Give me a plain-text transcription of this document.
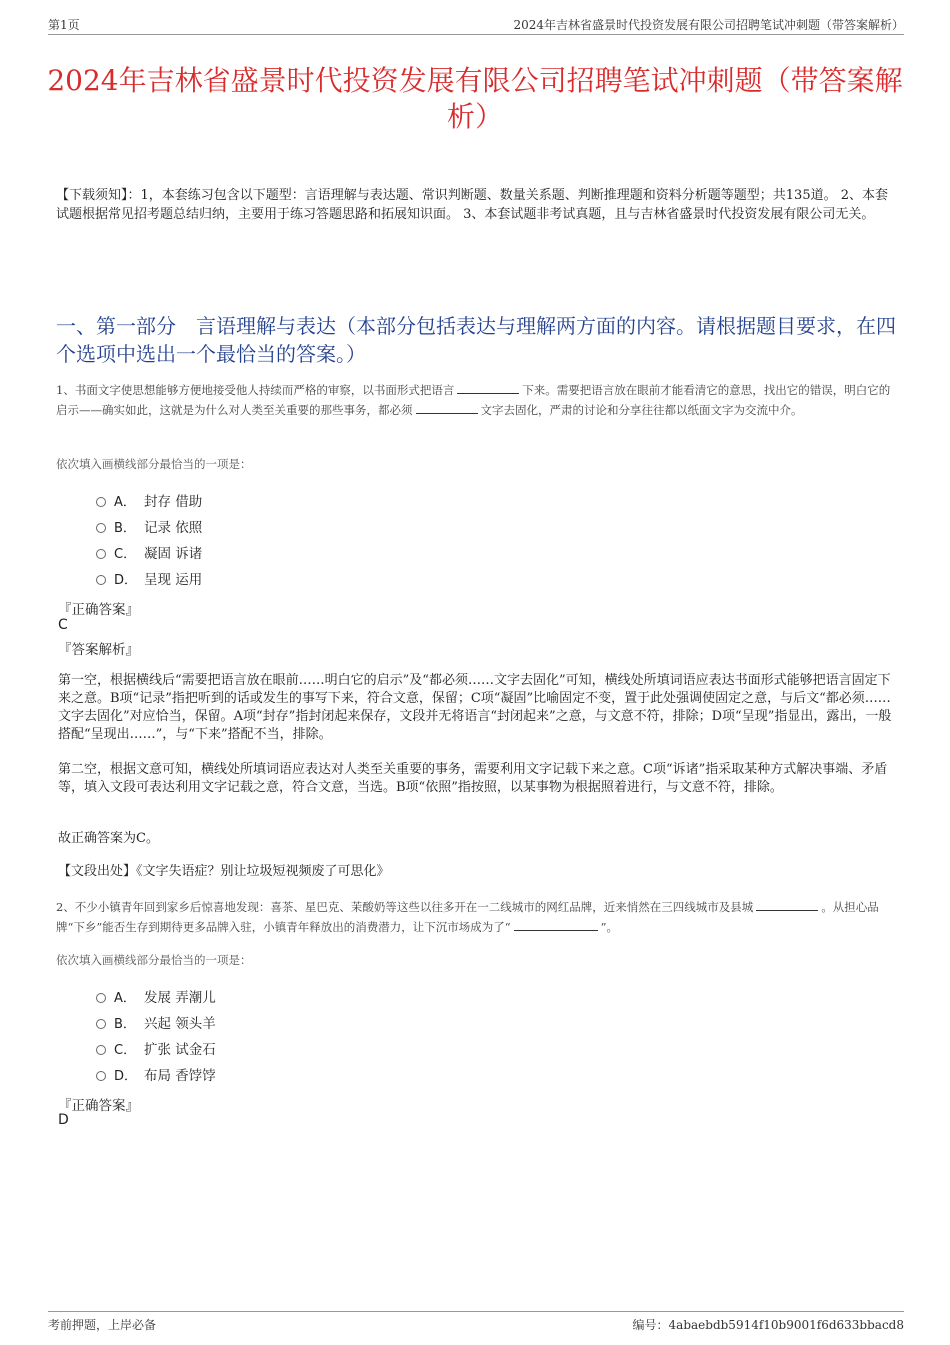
第1页	2024年吉林省盛景时代投资发展有限公司招聘笔试冲刺题（带答案解析）
2024年吉林省盛景时代投资发展有限公司招聘笔试冲刺题（带答案解析）
【下载须知】：1，本套练习包含以下题型：言语理解与表达题、常识判断题、数量关系题、判断推理题和资料分析题等题型；共135道。 2、本套试题根据常见招考题总结归纳，主要用于练习答题思路和拓展知识面。 3、本套试题非考试真题，且与吉林省盛景时代投资发展有限公司无关。
一、第一部分　言语理解与表达（本部分包括表达与理解两方面的内容。请根据题目要求，在四个选项中选出一个最恰当的答案。）
1、书面文字使思想能够方便地接受他人持续而严格的审察，以书面形式把语言	下来。需要把语言放在眼前才能看清它的意思，找出它的错误，明白它的启示——确实如此，这就是为什么对人类至关重要的那些事务，都必须	文字去固化，严肃的讨论和分享往往都以纸面文字为交流中介。
依次填入画横线部分最恰当的一项是：
A． 封存 借助
B． 记录 依照
C． 凝固 诉诸
D． 呈现 运用
『正确答案』
C
『答案解析』
第一空，根据横线后“需要把语言放在眼前……明白它的启示”及“都必须……文字去固化”可知，横线处所填词语应表达书面形式能够把语言固定下来之意。B项“记录”指把听到的话或发生的事写下来，符合文意，保留；C项“凝固”比喻固定不变，置于此处强调使固定之意，与后文“都必须……文字去固化”对应恰当，保留。A项“封存”指封闭起来保存，文段并无将语言“封闭起来”之意，与文意不符，排除；D项“呈现”指显出，露出，一般搭配“呈现出……”，与“下来”搭配不当，排除。
第二空，根据文意可知，横线处所填词语应表达对人类至关重要的事务，需要利用文字记载下来之意。C项“诉诸”指采取某种方式解决事端、矛盾等，填入文段可表达利用文字记载之意，符合文意，当选。B项“依照”指按照，以某事物为根据照着进行，与文意不符，排除。
故正确答案为C。
【文段出处】《文字失语症？别让垃圾短视频废了可思化》
2、不少小镇青年回到家乡后惊喜地发现：喜茶、星巴克、茉酸奶等这些以往多开在一二线城市的网红品牌，近来悄然在三四线城市及县城	。从担心品牌“下乡”能否生存到期待更多品牌入驻，小镇青年释放出的消费潜力，让下沉市场成为了“	”。
依次填入画横线部分最恰当的一项是：
A． 发展 弄潮儿
B． 兴起 领头羊
C． 扩张 试金石
D． 布局 香饽饽
『正确答案』
D
考前押题，上岸必备	编号：4abaebdb5914f10b9001f6d633bbacd8
